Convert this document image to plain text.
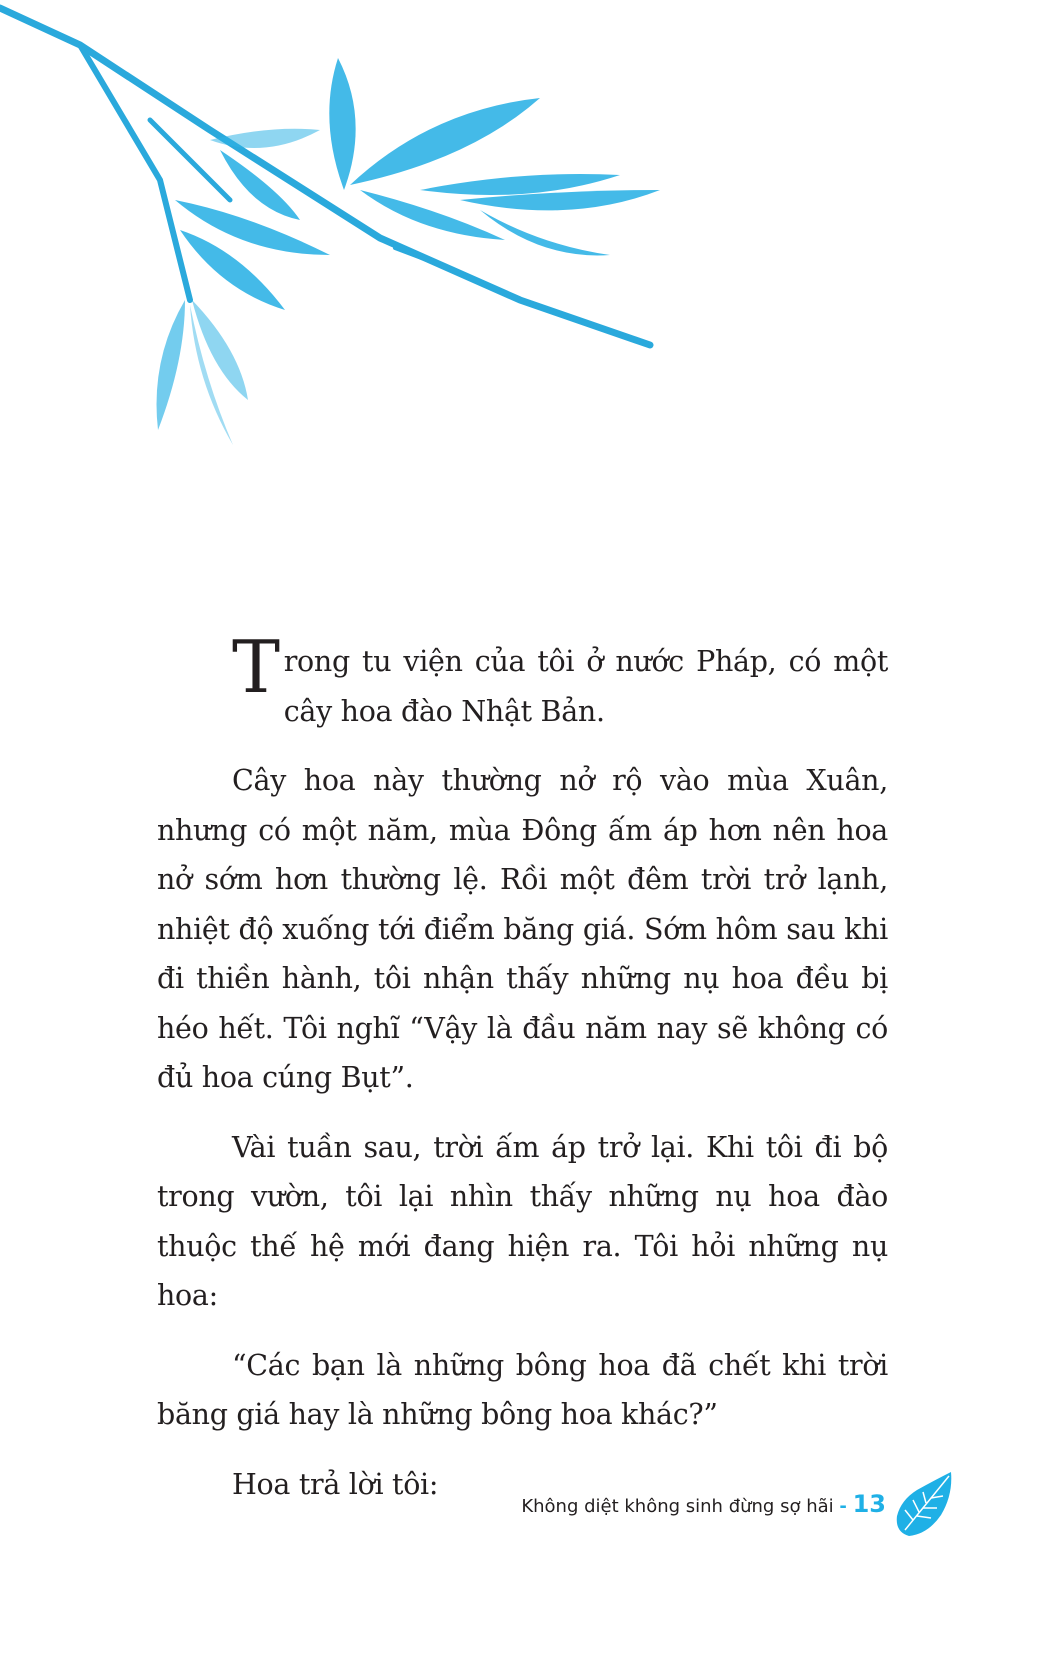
Trong tu viện của tôi ở nước Pháp, có một cây hoa đào Nhật Bản.

Cây hoa này thường nở rộ vào mùa Xuân, nhưng có một năm, mùa Đông ấm áp hơn nên hoa nở sớm hơn thường lệ. Rồi một đêm trời trở lạnh, nhiệt độ xuống tới điểm băng giá. Sớm hôm sau khi đi thiền hành, tôi nhận thấy những nụ hoa đều bị héo hết. Tôi nghĩ “Vậy là đầu năm nay sẽ không có đủ hoa cúng Bụt”.

Vài tuần sau, trời ấm áp trở lại. Khi tôi đi bộ trong vườn, tôi lại nhìn thấy những nụ hoa đào thuộc thế hệ mới đang hiện ra. Tôi hỏi những nụ hoa:

“Các bạn là những bông hoa đã chết khi trời băng giá hay là những bông hoa khác?”

Hoa trả lời tôi:

Không diệt không sinh đừng sợ hãi - 13
